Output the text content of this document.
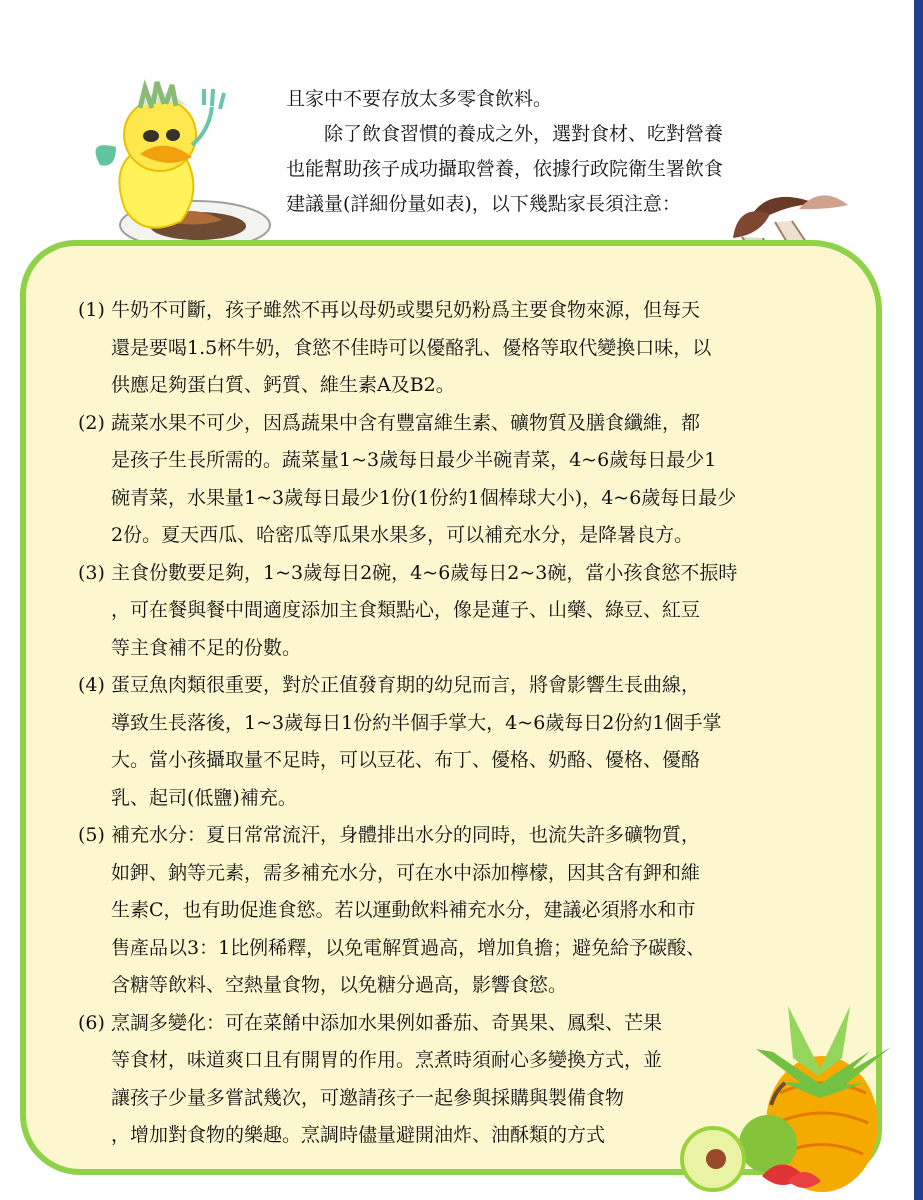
且家中不要存放太多零食飲料。

除了飲食習慣的養成之外，選對食材、吃對營養

也能幫助孩子成功攝取營養，依據行政院衛生署飲食

建議量(詳細份量如表)，以下幾點家長須注意：

(1) 牛奶不可斷，孩子雖然不再以母奶或嬰兒奶粉爲主要食物來源，但每天
還是要喝1.5杯牛奶，食慾不佳時可以優酪乳、優格等取代變換口味，以
供應足夠蛋白質、鈣質、維生素A及B2。
(2) 蔬菜水果不可少，因爲蔬果中含有豐富維生素、礦物質及膳食纖維，都
是孩子生長所需的。蔬菜量1~3歲每日最少半碗青菜，4~6歲每日最少1
碗青菜，水果量1~3歲每日最少1份(1份約1個棒球大小)，4~6歲每日最少
2份。夏天西瓜、哈密瓜等瓜果水果多，可以補充水分，是降暑良方。
(3) 主食份數要足夠，1~3歲每日2碗，4~6歲每日2~3碗，當小孩食慾不振時
，可在餐與餐中間適度添加主食類點心，像是蓮子、山藥、綠豆、紅豆
等主食補不足的份數。
(4) 蛋豆魚肉類很重要，對於正值發育期的幼兒而言，將會影響生長曲線，
導致生長落後，1~3歲每日1份約半個手掌大，4~6歲每日2份約1個手掌
大。當小孩攝取量不足時，可以豆花、布丁、優格、奶酪、優格、優酪
乳、起司(低鹽)補充。
(5) 補充水分：夏日常常流汗，身體排出水分的同時，也流失許多礦物質，
如鉀、鈉等元素，需多補充水分，可在水中添加檸檬，因其含有鉀和維
生素C，也有助促進食慾。若以運動飲料補充水分，建議必須將水和市
售產品以3：1比例稀釋，以免電解質過高，增加負擔；避免給予碳酸、
含糖等飲料、空熱量食物，以免糖分過高，影響食慾。
(6) 烹調多變化：可在菜餚中添加水果例如番茄、奇異果、鳳梨、芒果
等食材，味道爽口且有開胃的作用。烹煮時須耐心多變換方式，並
讓孩子少量多嘗試幾次，可邀請孩子一起參與採購與製備食物
，增加對食物的樂趣。烹調時儘量避開油炸、油酥類的方式
